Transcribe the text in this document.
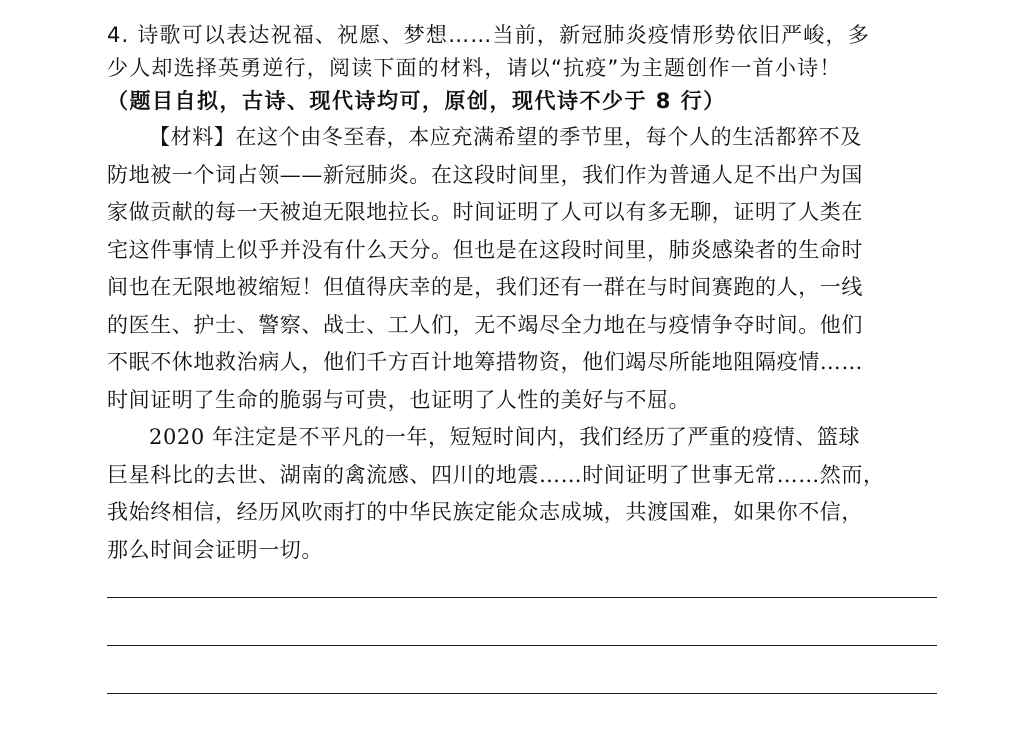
4. 诗歌可以表达祝福、祝愿、梦想……当前，新冠肺炎疫情形势依旧严峻，多
少人却选择英勇逆行，阅读下面的材料，请以“抗疫”为主题创作一首小诗！
（题目自拟，古诗、现代诗均可，原创，现代诗不少于 8 行）
【材料】在这个由冬至春，本应充满希望的季节里，每个人的生活都猝不及
防地被一个词占领——新冠肺炎。在这段时间里，我们作为普通人足不出户为国
家做贡献的每一天被迫无限地拉长。时间证明了人可以有多无聊，证明了人类在
宅这件事情上似乎并没有什么天分。但也是在这段时间里，肺炎感染者的生命时
间也在无限地被缩短！但值得庆幸的是，我们还有一群在与时间赛跑的人，一线
的医生、护士、警察、战士、工人们，无不竭尽全力地在与疫情争夺时间。他们
不眠不休地救治病人，他们千方百计地筹措物资，他们竭尽所能地阻隔疫情……
时间证明了生命的脆弱与可贵，也证明了人性的美好与不屈。
2020 年注定是不平凡的一年，短短时间内，我们经历了严重的疫情、篮球
巨星科比的去世、湖南的禽流感、四川的地震……时间证明了世事无常……然而，
我始终相信，经历风吹雨打的中华民族定能众志成城，共渡国难，如果你不信，
那么时间会证明一切。
